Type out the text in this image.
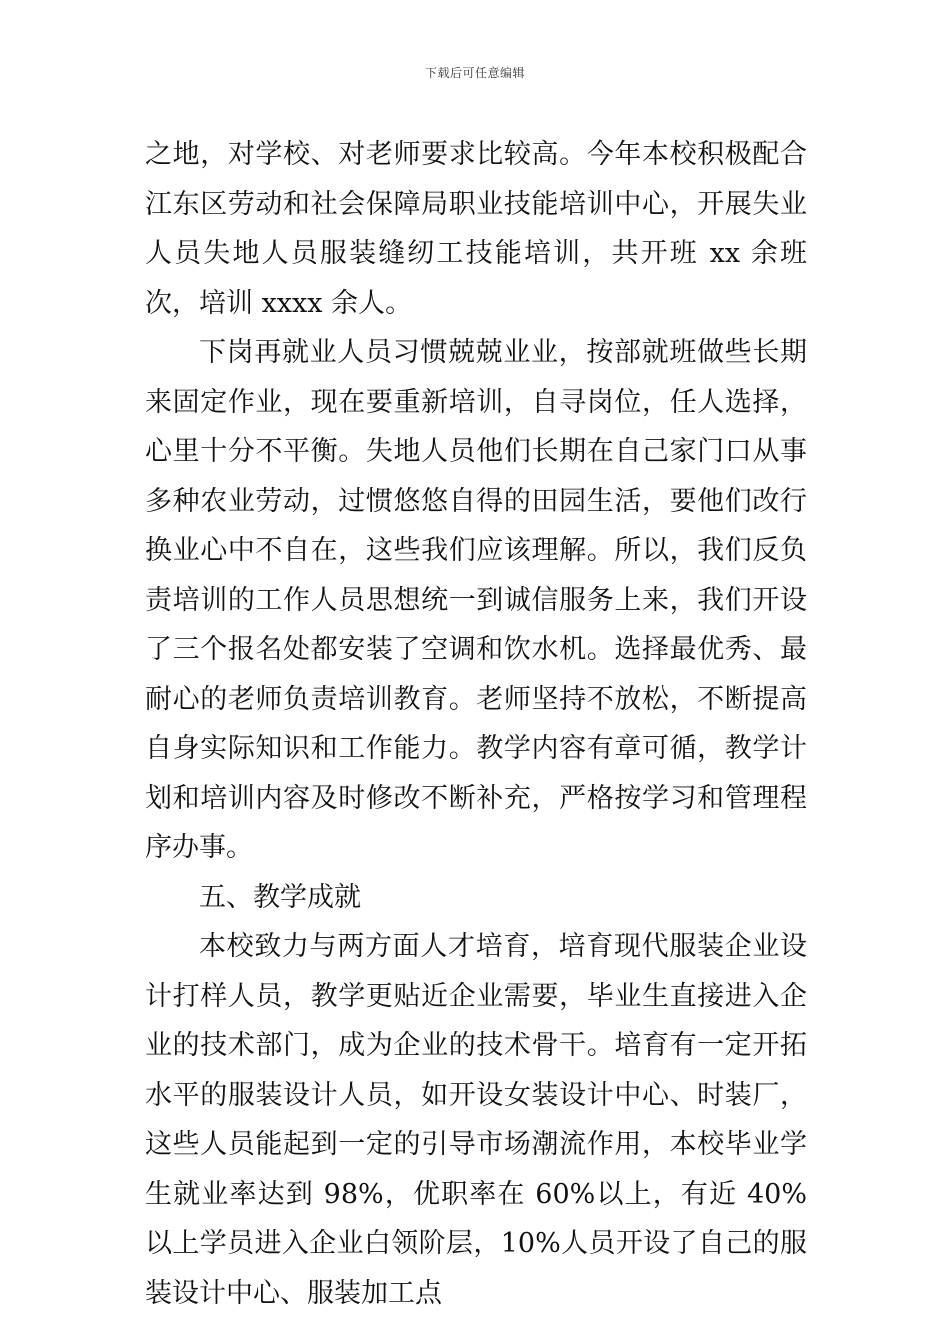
下载后可任意编辑

之地，对学校、对老师要求比较高。今年本校积极配合江东区劳动和社会保障局职业技能培训中心，开展失业人员失地人员服装缝纫工技能培训，共开班 xx 余班次，培训 xxxx 余人。

下岗再就业人员习惯兢兢业业，按部就班做些长期来固定作业，现在要重新培训，自寻岗位，任人选择，心里十分不平衡。失地人员他们长期在自己家门口从事多种农业劳动，过惯悠悠自得的田园生活，要他们改行换业心中不自在，这些我们应该理解。所以，我们反负责培训的工作人员思想统一到诚信服务上来，我们开设了三个报名处都安装了空调和饮水机。选择最优秀、最耐心的老师负责培训教育。老师坚持不放松，不断提高自身实际知识和工作能力。教学内容有章可循，教学计划和培训内容及时修改不断补充，严格按学习和管理程序办事。

五、教学成就

本校致力与两方面人才培育，培育现代服装企业设计打样人员，教学更贴近企业需要，毕业生直接进入企业的技术部门，成为企业的技术骨干。培育有一定开拓水平的服装设计人员，如开设女装设计中心、时装厂，这些人员能起到一定的引导市场潮流作用，本校毕业学生就业率达到 98%，优职率在 60%以上，有近 40%以上学员进入企业白领阶层，10%人员开设了自己的服装设计中心、服装加工点
